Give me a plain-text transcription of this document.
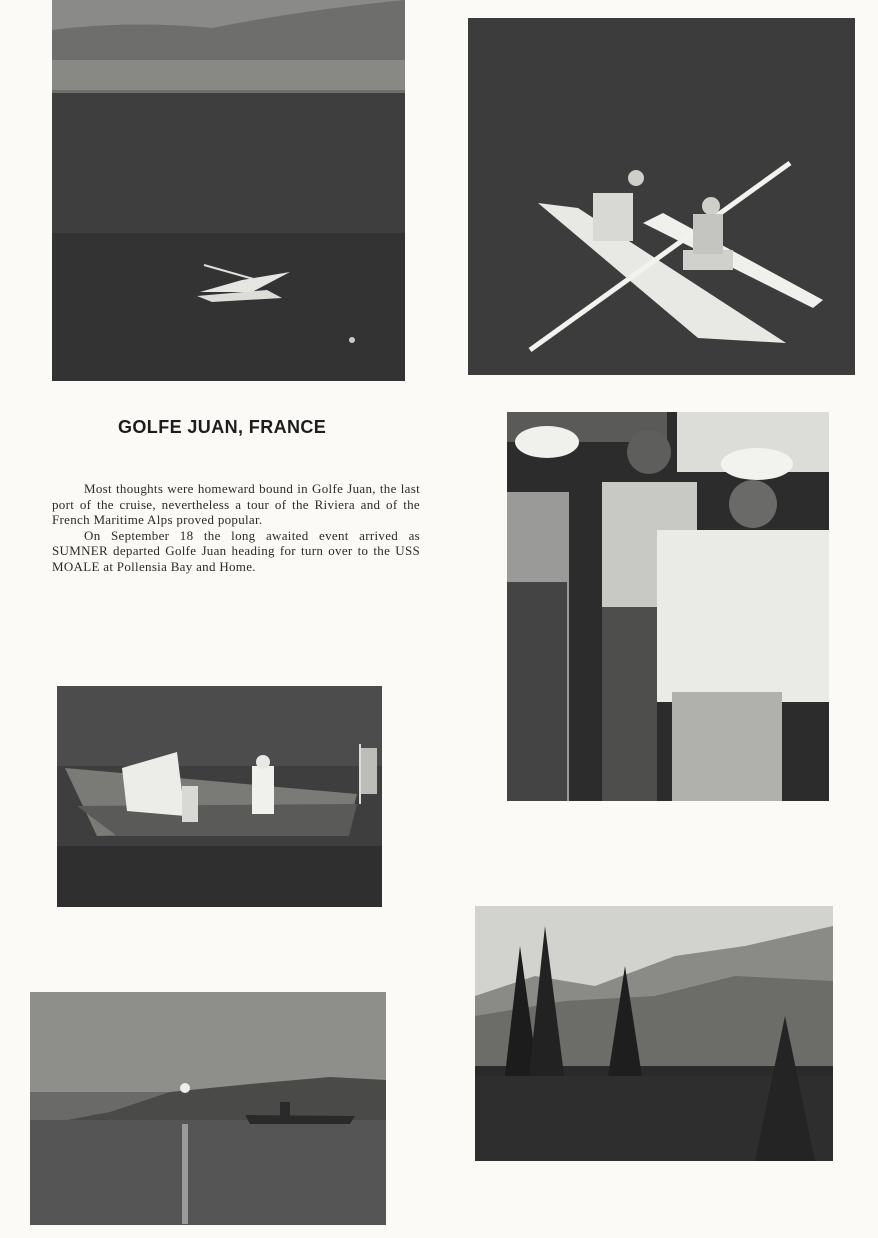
GOLFE JUAN, FRANCE

Most thoughts were homeward bound in Golfe Juan, the last port of the cruise, nevertheless a tour of the Riviera and of the French Maritime Alps proved popular.

On September 18 the long awaited event arrived as SUMNER departed Golfe Juan heading for turn over to the USS MOALE at Pollensia Bay and Home.
